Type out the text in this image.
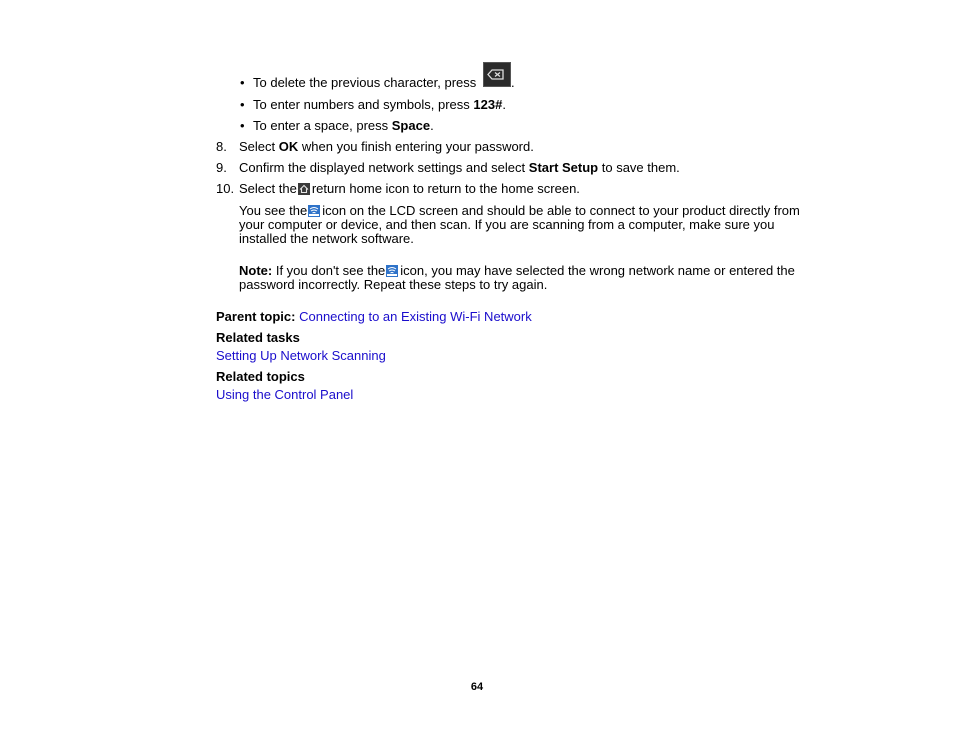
• To delete the previous character, press	.
• To enter numbers and symbols, press 123#.
• To enter a space, press Space.
8. Select OK when you finish entering your password.
9. Confirm the displayed network settings and select Start Setup to save them.
10. Select the return home icon to return to the home screen.
You see the icon on the LCD screen and should be able to connect to your product directly from
your computer or device, and then scan. If you are scanning from a computer, make sure you
installed the network software.
Note: If you don't see the icon, you may have selected the wrong network name or entered the
password incorrectly. Repeat these steps to try again.
Parent topic: Connecting to an Existing Wi-Fi Network
Related tasks
Setting Up Network Scanning
Related topics
Using the Control Panel
64
